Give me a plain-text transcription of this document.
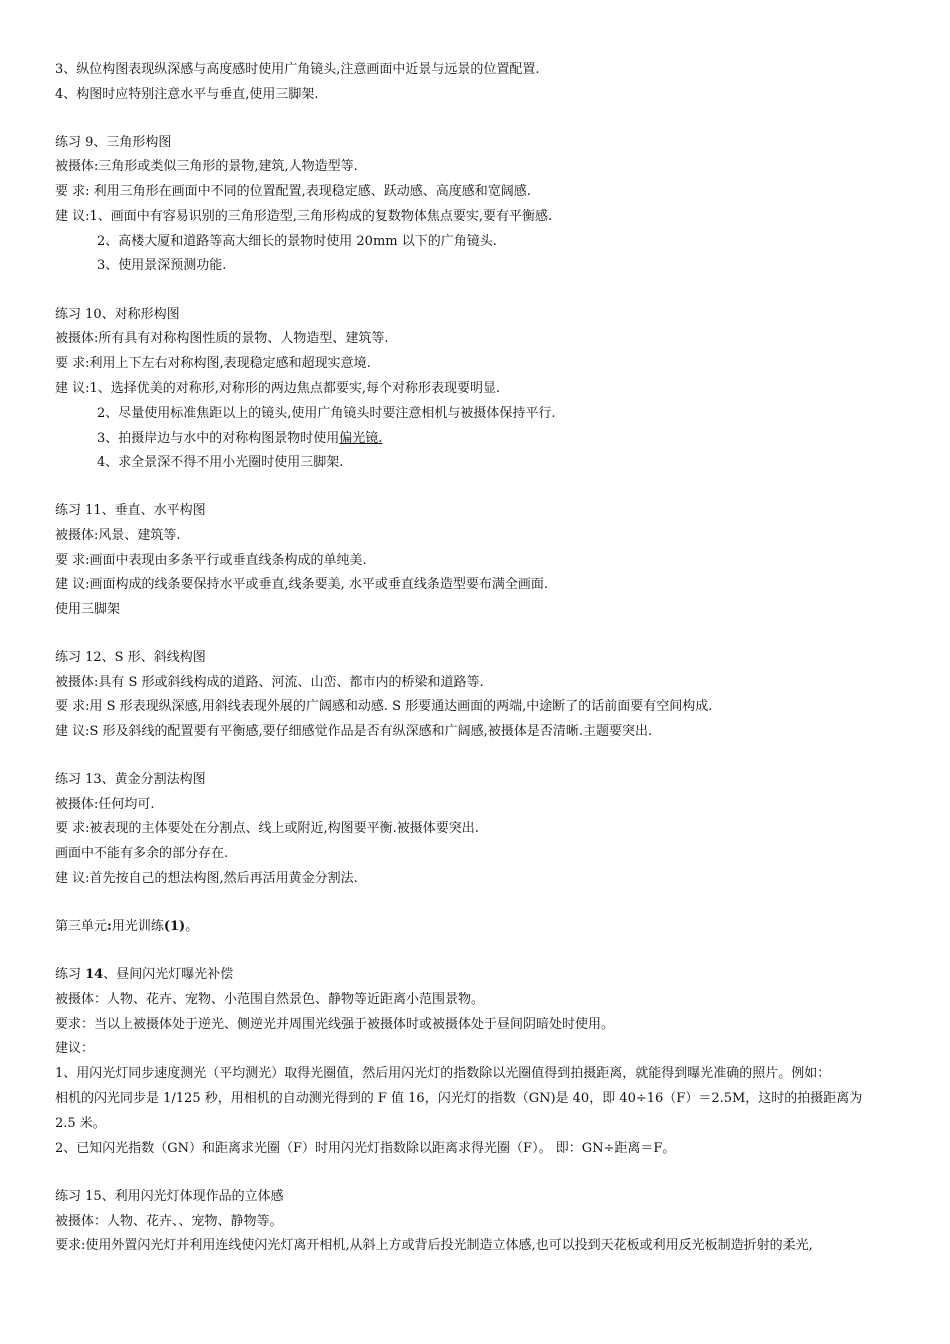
3、纵位构图表现纵深感与高度感时使用广角镜头,注意画面中近景与远景的位置配置.
4、构图时应特别注意水平与垂直,使用三脚架.
练习 9、三角形构图
被摄体:三角形或类似三角形的景物,建筑,人物造型等.
要 求: 利用三角形在画面中不同的位置配置,表现稳定感、跃动感、高度感和宽阔感.
建 议:1、画面中有容易识别的三角形造型,三角形构成的复数物体焦点要实,要有平衡感.
2、高楼大厦和道路等高大细长的景物时使用 20mm 以下的广角镜头.
3、使用景深预测功能.
练习 10、对称形构图
被摄体:所有具有对称构图性质的景物、人物造型、建筑等.
要 求:利用上下左右对称构图,表现稳定感和超现实意境.
建 议:1、选择优美的对称形,对称形的两边焦点都要实,每个对称形表现要明显.
2、尽量使用标准焦距以上的镜头,使用广角镜头时要注意相机与被摄体保持平行.
3、拍摄岸边与水中的对称构图景物时使用偏光镜.
4、求全景深不得不用小光圈时使用三脚架.
练习 11、垂直、水平构图
被摄体:风景、建筑等.
要 求:画面中表现由多条平行或垂直线条构成的单纯美.
建 议:画面构成的线条要保持水平或垂直,线条要美, 水平或垂直线条造型要布满全画面.
使用三脚架
练习 12、S 形、斜线构图
被摄体:具有 S 形或斜线构成的道路、河流、山峦、都市内的桥梁和道路等.
要 求:用 S 形表现纵深感,用斜线表现外展的广阔感和动感. S 形要通达画面的两端,中途断了的话前面要有空间构成.
建 议:S 形及斜线的配置要有平衡感,要仔细感觉作品是否有纵深感和广阔感,被摄体是否清晰.主题要突出.
练习 13、黄金分割法构图
被摄体:任何均可.
要 求:被表现的主体要处在分割点、线上或附近,构图要平衡.被摄体要突出.
画面中不能有多余的部分存在.
建 议:首先按自己的想法构图,然后再活用黄金分割法.
第三单元:用光训练(1)。
练习 14、昼间闪光灯曝光补偿
被摄体：人物、花卉、宠物、小范围自然景色、静物等近距离小范围景物。
要求：当以上被摄体处于逆光、侧逆光并周围光线强于被摄体时或被摄体处于昼间阴暗处时使用。
建议：
1、用闪光灯同步速度测光（平均测光）取得光圈值，然后用闪光灯的指数除以光圈值得到拍摄距离，就能得到曝光准确的照片。例如：
相机的闪光同步是 1/125 秒，用相机的自动测光得到的 F 值 16，闪光灯的指数（GN)是 40，即 40÷16（F）＝2.5M，这时的拍摄距离为
2.5 米。
2、已知闪光指数（GN）和距离求光圈（F）时用闪光灯指数除以距离求得光圈（F）。 即：GN÷距离＝F。
练习 15、利用闪光灯体现作品的立体感
被摄体：人物、花卉、、宠物、静物等。
要求:使用外置闪光灯并利用连线使闪光灯离开相机,从斜上方或背后投光制造立体感,也可以投到天花板或利用反光板制造折射的柔光,
